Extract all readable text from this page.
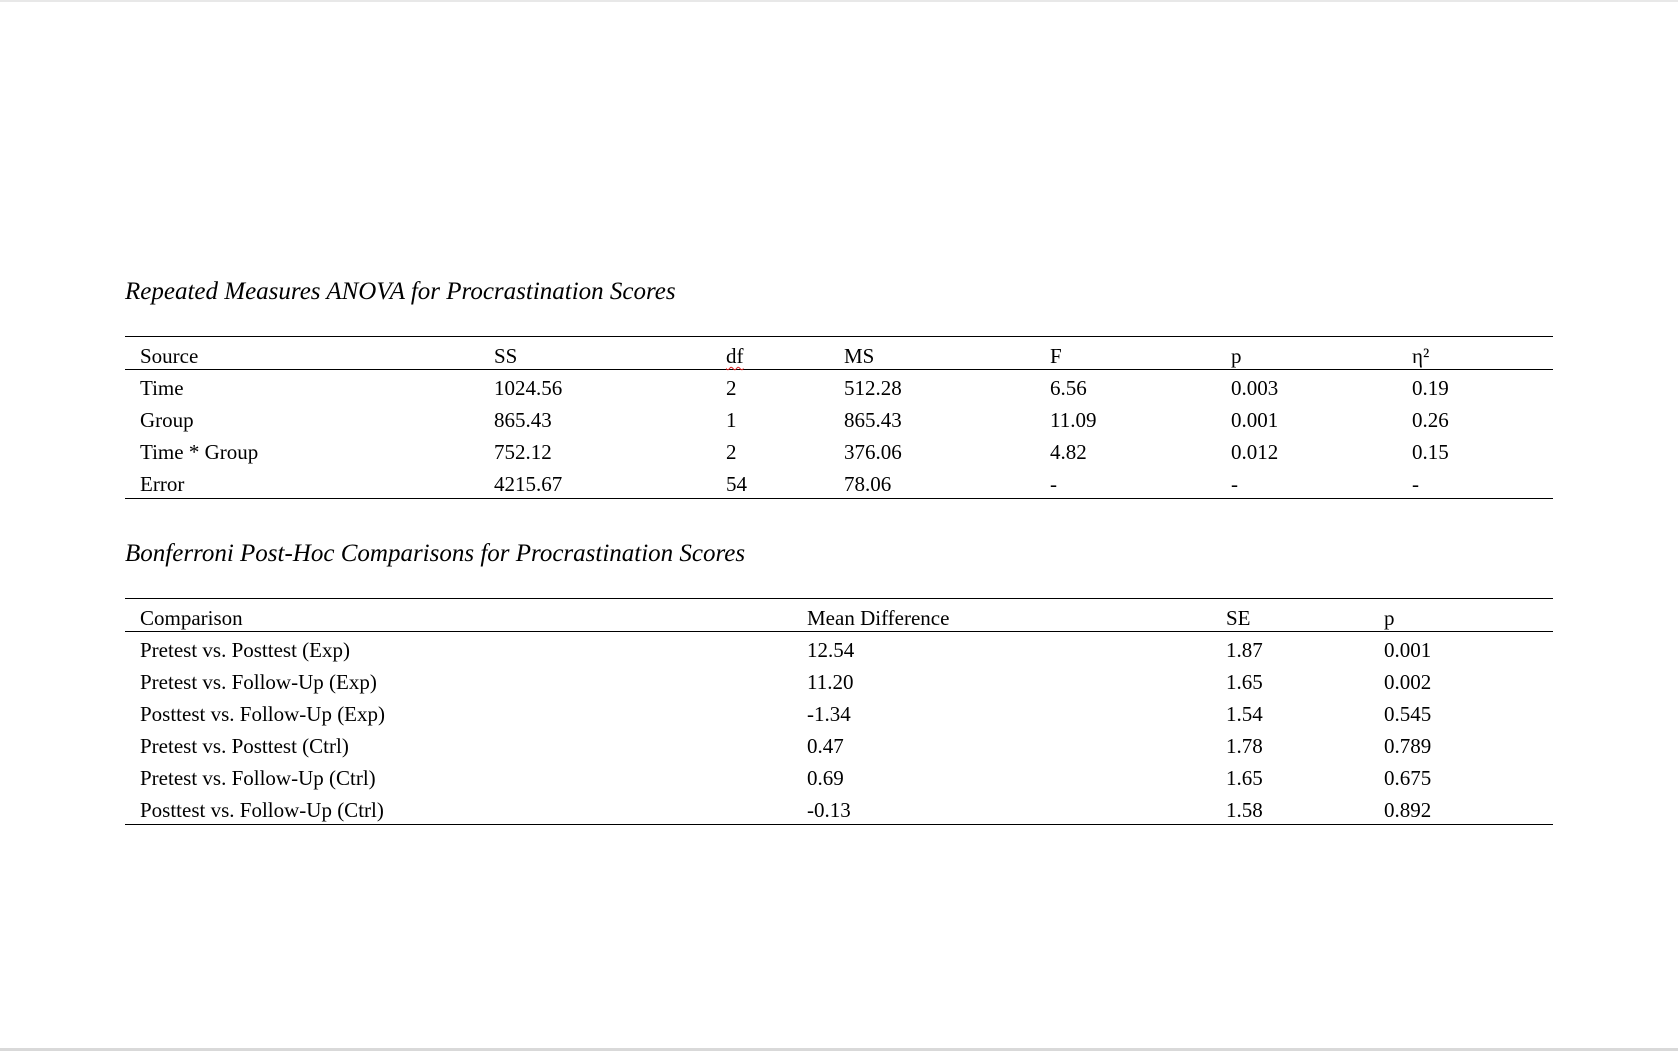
Repeated Measures ANOVA for Procrastination Scores
Source	SS	df	MS	F	p	η²
Time	1024.56	2	512.28	6.56	0.003	0.19
Group	865.43	1	865.43	11.09	0.001	0.26
Time * Group	752.12	2	376.06	4.82	0.012	0.15
Error	4215.67	54	78.06	-	-	-
Bonferroni Post-Hoc Comparisons for Procrastination Scores
Comparison	Mean Difference	SE	p
Pretest vs. Posttest (Exp)	12.54	1.87	0.001
Pretest vs. Follow-Up (Exp)	11.20	1.65	0.002
Posttest vs. Follow-Up (Exp)	-1.34	1.54	0.545
Pretest vs. Posttest (Ctrl)	0.47	1.78	0.789
Pretest vs. Follow-Up (Ctrl)	0.69	1.65	0.675
Posttest vs. Follow-Up (Ctrl)	-0.13	1.58	0.892
